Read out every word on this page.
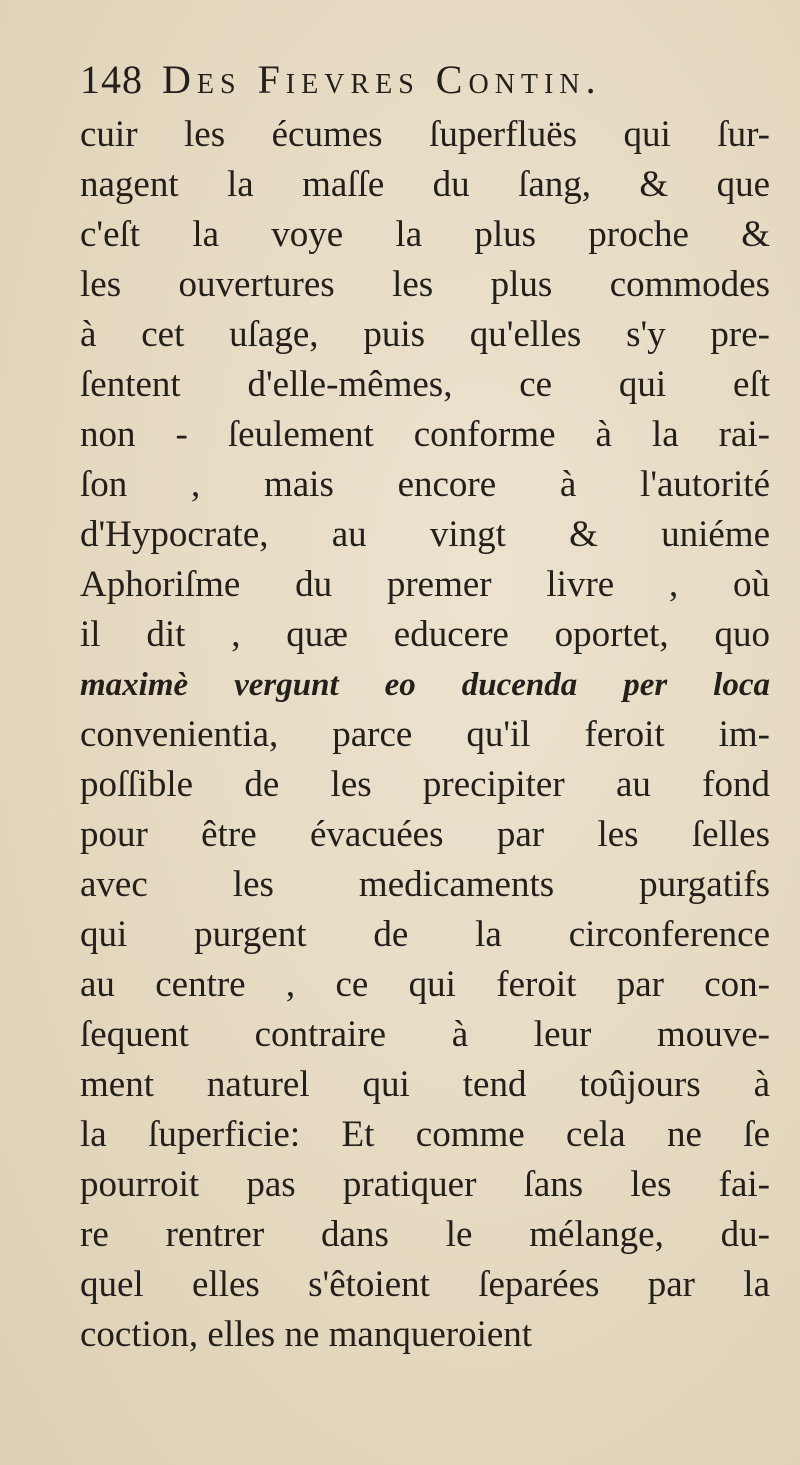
148 Des Fievres Contin.
cuir les écumes ſuperfluës qui ſur-
nagent la maſſe du ſang, & que
c'eſt la voye la plus proche &
les ouvertures les plus commodes
à cet uſage, puis qu'elles s'y pre-
ſentent d'elle-mêmes, ce qui eſt
non - ſeulement conforme à la rai-
ſon , mais encore à l'autorité
d'Hypocrate, au vingt & uniéme
Aphoriſme du premer livre , où
il dit , quæ educere oportet, quo
maximè vergunt eo ducenda per loca
convenientia, parce qu'il feroit im-
poſſible de les precipiter au fond
pour être évacuées par les ſelles
avec les medicaments purgatifs
qui purgent de la circonference
au centre , ce qui feroit par con-
ſequent contraire à leur mouve-
ment naturel qui tend toûjours à
la ſuperficie: Et comme cela ne ſe
pourroit pas pratiquer ſans les fai-
re rentrer dans le mélange, du-
quel elles s'êtoient ſeparées par la
coction, elles ne manqueroient
